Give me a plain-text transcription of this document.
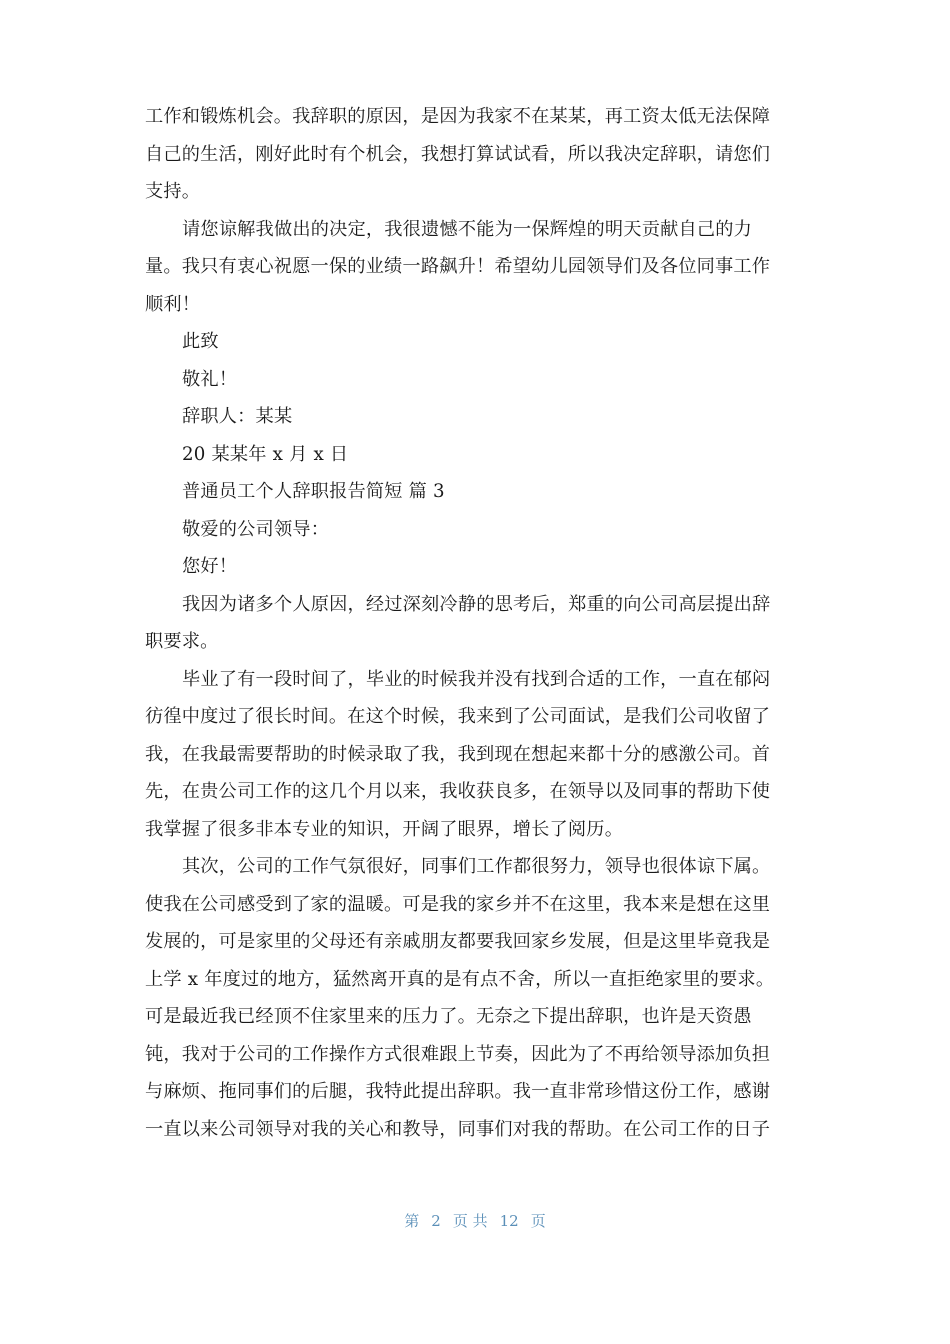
工作和锻炼机会。我辞职的原因，是因为我家不在某某，再工资太低无法保障
自己的生活，刚好此时有个机会，我想打算试试看，所以我决定辞职，请您们
支持。
请您谅解我做出的决定，我很遗憾不能为一保辉煌的明天贡献自己的力
量。我只有衷心祝愿一保的业绩一路飙升！希望幼儿园领导们及各位同事工作
顺利！
此致
敬礼！
辞职人：某某
20 某某年 x 月 x 日
普通员工个人辞职报告简短 篇 3
敬爱的公司领导：
您好！
我因为诸多个人原因，经过深刻冷静的思考后，郑重的向公司高层提出辞
职要求。
毕业了有一段时间了，毕业的时候我并没有找到合适的工作，一直在郁闷
彷徨中度过了很长时间。在这个时候，我来到了公司面试，是我们公司收留了
我，在我最需要帮助的时候录取了我，我到现在想起来都十分的感激公司。首
先，在贵公司工作的这几个月以来，我收获良多，在领导以及同事的帮助下使
我掌握了很多非本专业的知识，开阔了眼界，增长了阅历。
其次，公司的工作气氛很好，同事们工作都很努力，领导也很体谅下属。
使我在公司感受到了家的温暖。可是我的家乡并不在这里，我本来是想在这里
发展的，可是家里的父母还有亲戚朋友都要我回家乡发展，但是这里毕竟我是
上学 x 年度过的地方，猛然离开真的是有点不舍，所以一直拒绝家里的要求。
可是最近我已经顶不住家里来的压力了。无奈之下提出辞职，也许是天资愚
钝，我对于公司的工作操作方式很难跟上节奏，因此为了不再给领导添加负担
与麻烦、拖同事们的后腿，我特此提出辞职。我一直非常珍惜这份工作，感谢
一直以来公司领导对我的关心和教导，同事们对我的帮助。在公司工作的日子
第 2 页 共 12 页
